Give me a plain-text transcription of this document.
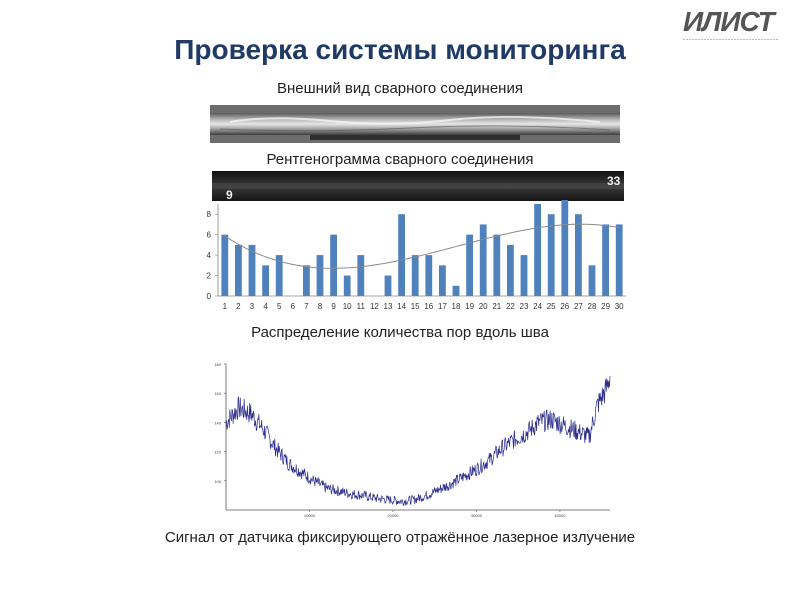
ИЛИСТ
Проверка системы мониторинга
Внешний вид сварного соединения
Рентгенограмма сварного соединения
9
33
0
2
4
6
8
1 2 3 4 5 6 7 8 9 10 11 12 13 14 15 16 17 18 19 20 21 22 23 24 25 26 27 28 29 30
Распределение количества пор вдоль шва
100
120
140
160
180
10000	20000	30000	40000
Сигнал от датчика фиксирующего отражённое лазерное излучение
